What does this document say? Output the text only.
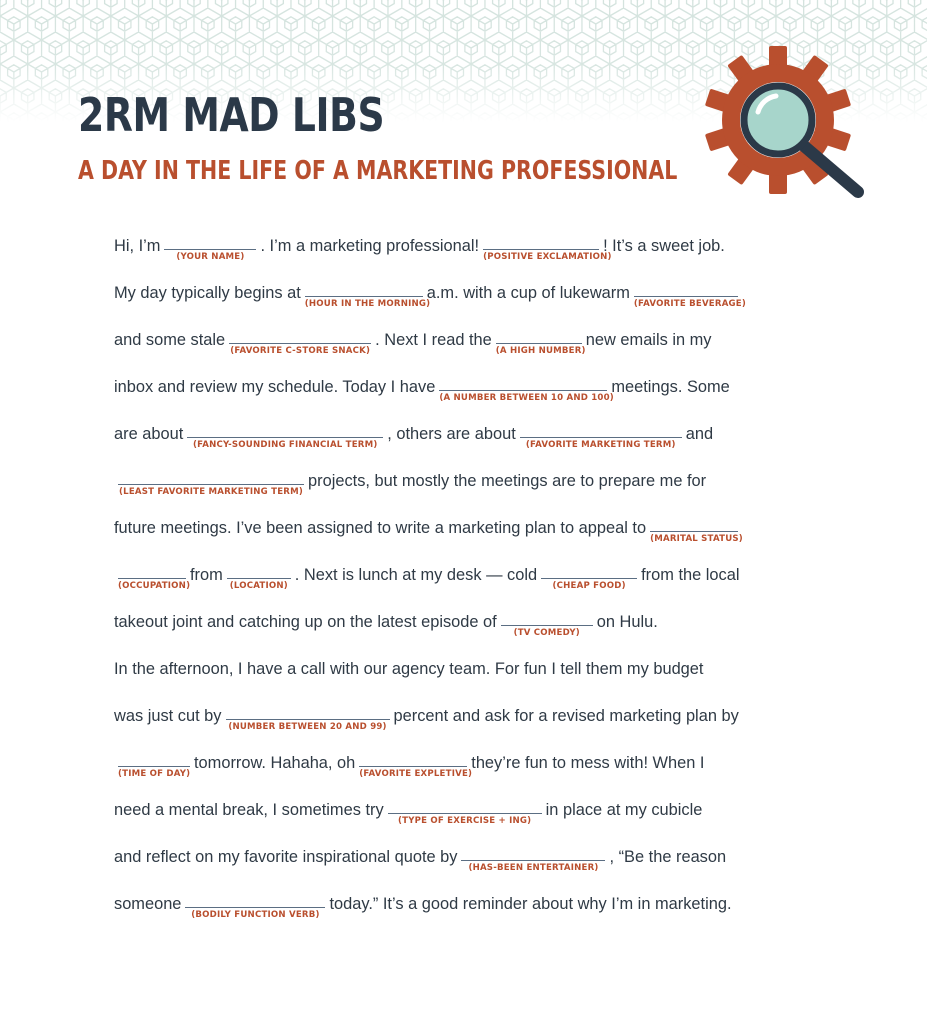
2RM MAD LIBS
A DAY IN THE LIFE OF A MARKETING PROFESSIONAL
Hi, I’m
(YOUR NAME)
. I’m a marketing professional!
(POSITIVE EXCLAMATION)
! It’s a sweet job.
My day typically begins at
(HOUR IN THE MORNING)
a.m. with a cup of lukewarm
(FAVORITE BEVERAGE)
and some stale
(FAVORITE C-STORE SNACK)
. Next I read the
(A HIGH NUMBER)
new emails in my
inbox and review my schedule. Today I have
(A NUMBER BETWEEN 10 AND 100)
meetings. Some
are about
(FANCY-SOUNDING FINANCIAL TERM)
, others are about
(FAVORITE MARKETING TERM)
and
(LEAST FAVORITE MARKETING TERM)
projects, but mostly the meetings are to prepare me for
future meetings. I’ve been assigned to write a marketing plan to appeal to
(MARITAL STATUS)
(OCCUPATION)
from
(LOCATION)
. Next is lunch at my desk — cold
(CHEAP FOOD)
from the local
takeout joint and catching up on the latest episode of
(TV COMEDY)
on Hulu.
In the afternoon, I have a call with our agency team. For fun I tell them my budget
was just cut by
(NUMBER BETWEEN 20 AND 99)
percent and ask for a revised marketing plan by
(TIME OF DAY)
tomorrow. Hahaha, oh
(FAVORITE EXPLETIVE)
they’re fun to mess with! When I
need a mental break, I sometimes try
(TYPE OF EXERCISE + ING)
in place at my cubicle
and reflect on my favorite inspirational quote by
(HAS-BEEN ENTERTAINER)
, “Be the reason
someone
(BODILY FUNCTION VERB)
today.” It’s a good reminder about why I’m in marketing.
